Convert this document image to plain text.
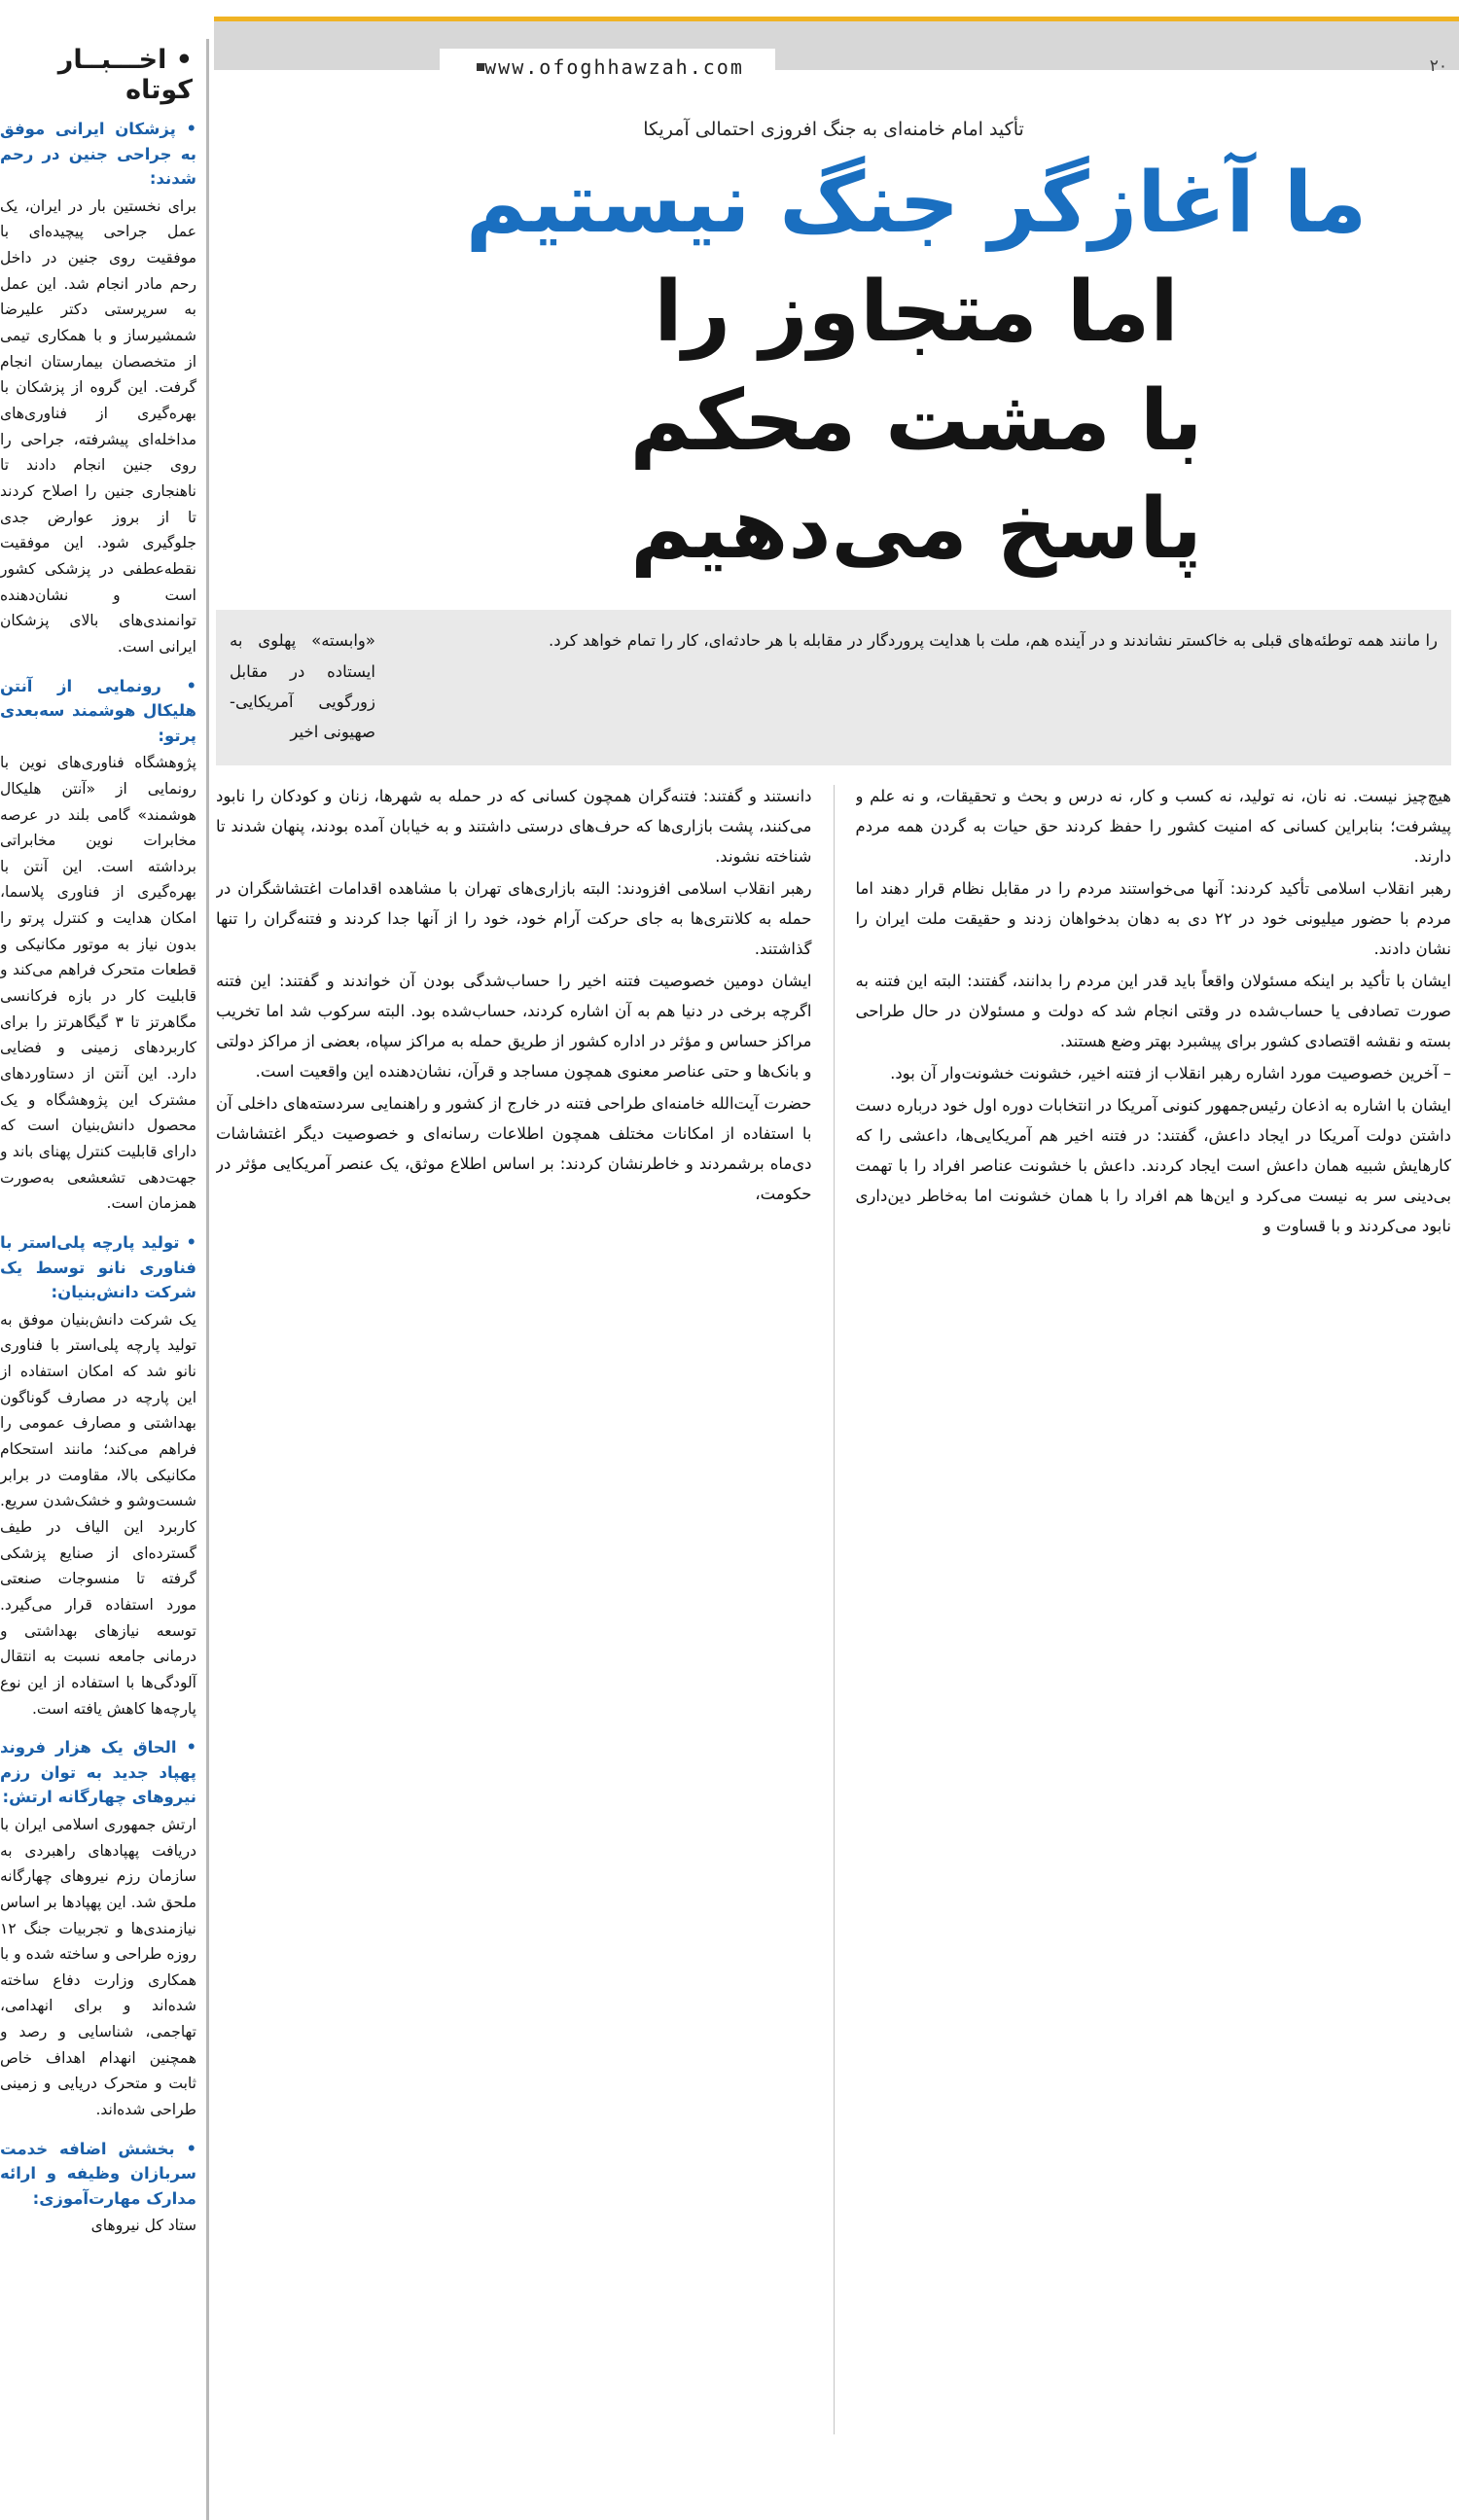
www.ofoghhawzah.com	۲۰
• اخـــبــار کوتاه
• پزشکان ایرانی موفق به جراحی جنین در رحم شدند:
برای نخستین بار در ایران، یک عمل جراحی پیچیده‌ای با موفقیت روی جنین در داخل رحم مادر انجام شد. این عمل به سرپرستی دکتر علیرضا شمشیرساز و با همکاری تیمی از متخصصان بیمارستان انجام گرفت. این گروه از پزشکان با بهره‌گیری از فناوری‌های مداخله‌ای پیشرفته، جراحی را روی جنین انجام دادند تا ناهنجاری جنین را اصلاح کردند تا از بروز عوارض جدی جلوگیری شود. این موفقیت نقطه‌عطفی در پزشکی کشور است و نشان‌دهنده توانمندی‌های بالای پزشکان ایرانی است.
• رونمایی از آنتن هلیکال هوشمند سه‌بعدی پرتو:
پژوهشگاه فناوری‌های نوین با رونمایی از «آنتن هلیکال هوشمند» گامی بلند در عرصه مخابرات نوین مخابراتی برداشته است. این آنتن با بهره‌گیری از فناوری پلاسما، امکان هدایت و کنترل پرتو را بدون نیاز به موتور مکانیکی و قطعات متحرک فراهم می‌کند و قابلیت کار در بازه فرکانسی مگاهرتز تا ۳ گیگاهرتز را برای کاربردهای زمینی و فضایی دارد. این آنتن از دستاوردهای مشترک این پژوهشگاه و یک محصول دانش‌بنیان است که دارای قابلیت کنترل پهنای باند و جهت‌دهی تشعشعی به‌صورت همزمان است.
• تولید پارچه پلی‌استر با فناوری نانو توسط یک شرکت دانش‌بنیان:
یک شرکت دانش‌بنیان موفق به تولید پارچه پلی‌استر با فناوری نانو شد که امکان استفاده از این پارچه در مصارف گوناگون بهداشتی و مصارف عمومی را فراهم می‌کند؛ مانند استحکام مکانیکی بالا، مقاومت در برابر شست‌وشو و خشک‌شدن سریع. کاربرد این الیاف در طیف گسترده‌ای از صنایع پزشکی گرفته تا منسوجات صنعتی مورد استفاده قرار می‌گیرد. توسعه نیازهای بهداشتی و درمانی جامعه نسبت به انتقال آلودگی‌ها با استفاده از این نوع پارچه‌ها کاهش یافته است.
• الحاق یک هزار فروند پهپاد جدید به توان رزم نیروهای چهارگانه ارتش:
ارتش جمهوری اسلامی ایران با دریافت پهپادهای راهبردی به سازمان رزم نیروهای چهارگانه ملحق شد. این پهپادها بر اساس نیازمندی‌ها و تجربیات جنگ ۱۲ روزه طراحی و ساخته شده و با همکاری وزارت دفاع ساخته شده‌اند و برای انهدامی، تهاجمی، شناسایی و رصد و همچنین انهدام اهداف خاص ثابت و متحرک دریایی و زمینی طراحی شده‌اند.
• بخشش اضافه خدمت سربازان وظیفه و ارائه مدارک مهارت‌آموزی:
ستاد کل نیروهای
تأکید امام خامنه‌ای به جنگ افروزی احتمالی آمریکا
ما آغازگر جنگ نیستیم
اما متجاوز را
با مشت محکم
پاسخ می‌دهیم
«وابسته» پهلوی به ایستاده در مقابل زورگویی آمریکایی-صهیونی اخیر
را مانند همه توطئه‌های قبلی به خاکستر نشاندند و در آینده هم، ملت با هدایت پروردگار در مقابله با هر حادثه‌ای، کار را تمام خواهد کرد.

دانستند و گفتند: فتنه‌گران همچون کسانی که در حمله به شهرها، زنان و کودکان را نابود می‌کنند، پشت بازاری‌ها که حرف‌های درستی داشتند و به خیابان آمده بودند، پنهان شدند تا شناخته نشوند.

رهبر انقلاب اسلامی افزودند: البته بازاری‌های تهران با مشاهده اقدامات اغتشاشگران در حمله به کلانتری‌ها به جای حرکت آرام خود، خود را از آنها جدا کردند و فتنه‌گران را تنها گذاشتند.

ایشان دومین خصوصیت فتنه اخیر را حساب‌شدگی بودن آن خواندند و گفتند: این فتنه اگرچه برخی در دنیا هم به آن اشاره کردند، حساب‌شده بود. البته سرکوب شد اما تخریب مراکز حساس و مؤثر در اداره کشور از طریق حمله به مراکز سپاه، بعضی از مراکز دولتی و بانک‌ها و حتی عناصر معنوی همچون مساجد و قرآن، نشان‌دهنده این واقعیت است.

حضرت آیت‌الله خامنه‌ای طراحی فتنه در خارج از کشور و راهنمایی سردسته‌های داخلی آن با استفاده از امکانات مختلف همچون اطلاعات رسانه‌ای و خصوصیت دیگر اغتشاشات دی‌ماه برشمردند و خاطرنشان کردند: بر اساس اطلاع موثق، یک عنصر آمریکایی مؤثر در حکومت،

هیچ‌چیز نیست. نه نان، نه تولید، نه کسب و کار، نه درس و بحث و تحقیقات، و نه علم و پیشرفت؛ بنابراین کسانی که امنیت کشور را حفظ کردند حق حیات به گردن همه مردم دارند.

رهبر انقلاب اسلامی تأکید کردند: آنها می‌خواستند مردم را در مقابل نظام قرار دهند اما مردم با حضور میلیونی خود در ۲۲ دی به دهان بدخواهان زدند و حقیقت ملت ایران را نشان دادند.

ایشان با تأکید بر اینکه مسئولان واقعاً باید قدر این مردم را بدانند، گفتند: البته این فتنه به صورت تصادفی یا حساب‌شده در وقتی انجام شد که دولت و مسئولان در حال طراحی بسته و نقشه اقتصادی کشور برای پیشبرد بهتر وضع هستند.

– آخرین خصوصیت مورد اشاره رهبر انقلاب از فتنه اخیر، خشونت خشونت‌وار آن بود.

ایشان با اشاره به اذعان رئیس‌جمهور کنونی آمریکا در انتخابات دوره اول خود درباره دست داشتن دولت آمریکا در ایجاد داعش، گفتند: در فتنه اخیر هم آمریکایی‌ها، داعشی را که کارهایش شبیه همان داعش است ایجاد کردند. داعش با خشونت عناصر افراد را با تهمت بی‌دینی سر به نیست می‌کرد و این‌ها هم افراد را با همان خشونت اما به‌خاطر دین‌داری نابود می‌کردند و با قساوت و
